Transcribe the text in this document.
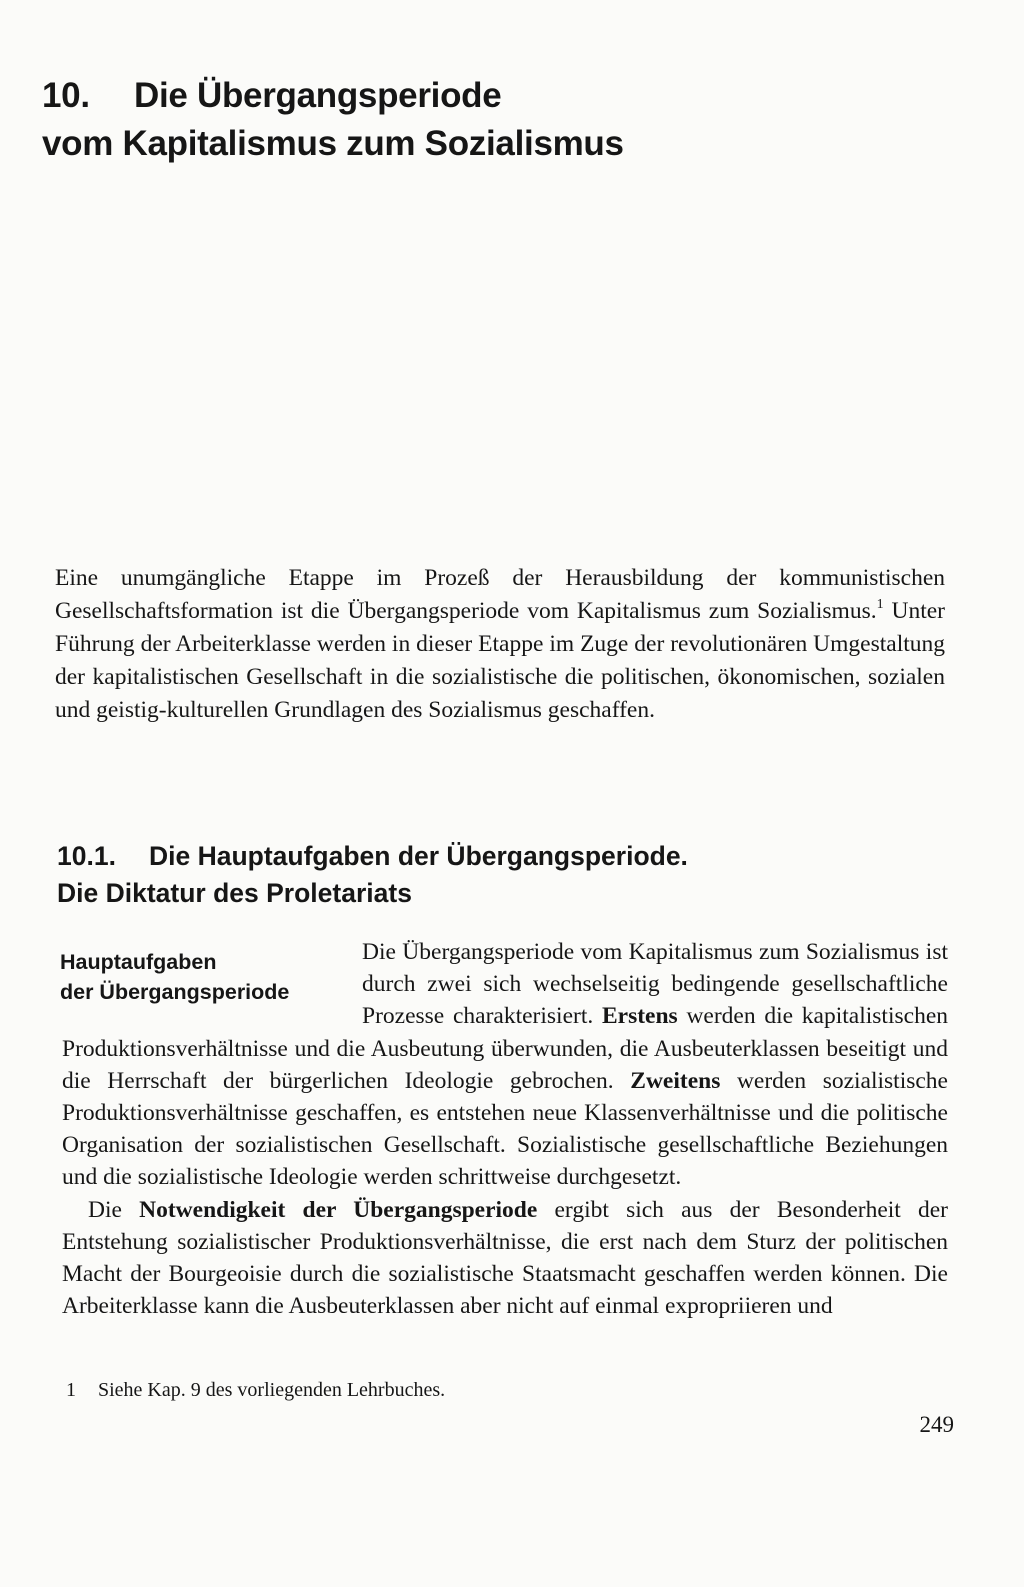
10. Die Übergangsperiode
vom Kapitalismus zum Sozialismus

Eine unumgängliche Etappe im Prozeß der Herausbildung der kommunistischen Gesellschaftsformation ist die Übergangsperiode vom Kapitalismus zum Sozialismus.$^1$ Unter Führung der Arbeiterklasse werden in dieser Etappe im Zuge der revolutionären Umgestaltung der kapitalistischen Gesellschaft in die sozialistische die politischen, ökonomischen, sozialen und geistig-kulturellen Grundlagen des Sozialismus geschaffen.

10.1. Die Hauptaufgaben der Übergangsperiode.
Die Diktatur des Proletariats
Hauptaufgaben
der Übergangsperiode

Die Übergangsperiode vom Kapitalismus zum Sozialismus ist durch zwei sich wechselseitig bedingende gesellschaftliche Prozesse charakterisiert. Erstens werden die kapitalistischen Produktionsverhältnisse und die Ausbeutung überwunden, die Ausbeuterklassen beseitigt und die Herrschaft der bürgerlichen Ideologie gebrochen. Zweitens werden sozialistische Produktionsverhältnisse geschaffen, es entstehen neue Klassenverhältnisse und die politische Organisation der sozialistischen Gesellschaft. Sozialistische gesellschaftliche Beziehungen und die sozialistische Ideologie werden schrittweise durchgesetzt.

Die Notwendigkeit der Übergangsperiode ergibt sich aus der Besonderheit der Entstehung sozialistischer Produktionsverhältnisse, die erst nach dem Sturz der politischen Macht der Bourgeoisie durch die sozialistische Staatsmacht geschaffen werden können. Die Arbeiterklasse kann die Ausbeuterklassen aber nicht auf einmal expropriieren und

1 Siehe Kap. 9 des vorliegenden Lehrbuches.
249
